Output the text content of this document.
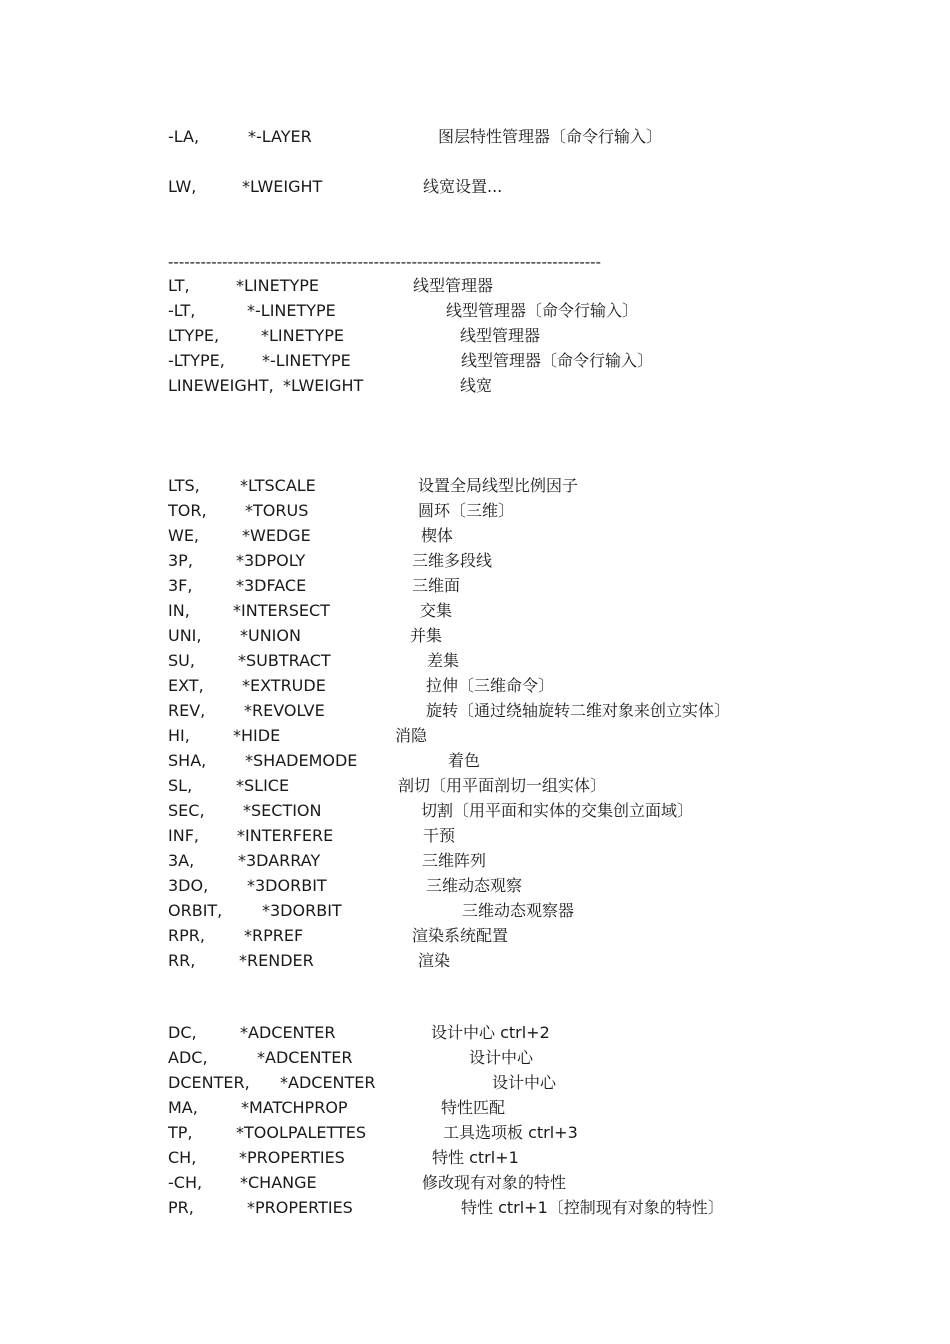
-LA,	*-LAYER	图层特性管理器〔命令行输入〕
LW,	*LWEIGHT	线宽设置...
--------------------------------------------------------------------------------
LT,	*LINETYPE	线型管理器
-LT,	*-LINETYPE	线型管理器〔命令行输入〕
LTYPE,	*LINETYPE	线型管理器
-LTYPE, *-LINETYPE	线型管理器〔命令行输入〕
LINEWEIGHT, *LWEIGHT	线宽
LTS,	*LTSCALE	设置全局线型比例因子
TOR, *TORUS	圆环〔三维〕
WE,	*WEDGE	楔体
3P,	*3DPOLY	三维多段线
3F,	*3DFACE	三维面
IN,	*INTERSECT	交集
UNI, *UNION	并集
SU,	*SUBTRACT	差集
EXT, *EXTRUDE	拉伸〔三维命令〕
REV, *REVOLVE	旋转〔通过绕轴旋转二维对象来创立实体〕
HI,	*HIDE	消隐
SHA, *SHADEMODE	着色
SL,	*SLICE	剖切〔用平面剖切一组实体〕
SEC, *SECTION	切割〔用平面和实体的交集创立面域〕
INF, *INTERFERE	干预
3A,	*3DARRAY	三维阵列
3DO, *3DORBIT	三维动态观察
ORBIT, *3DORBIT	三维动态观察器
RPR, *RPREF	渲染系统配置
RR,	*RENDER	渲染
DC,	*ADCENTER	设计中心 ctrl+2
ADC,	*ADCENTER	设计中心
DCENTER, *ADCENTER	设计中心
MA,	*MATCHPROP	特性匹配
TP,	*TOOLPALETTES	工具选项板 ctrl+3
CH,	*PROPERTIES	特性 ctrl+1
-CH, *CHANGE	修改现有对象的特性
PR,	*PROPERTIES	特性 ctrl+1〔控制现有对象的特性〕
